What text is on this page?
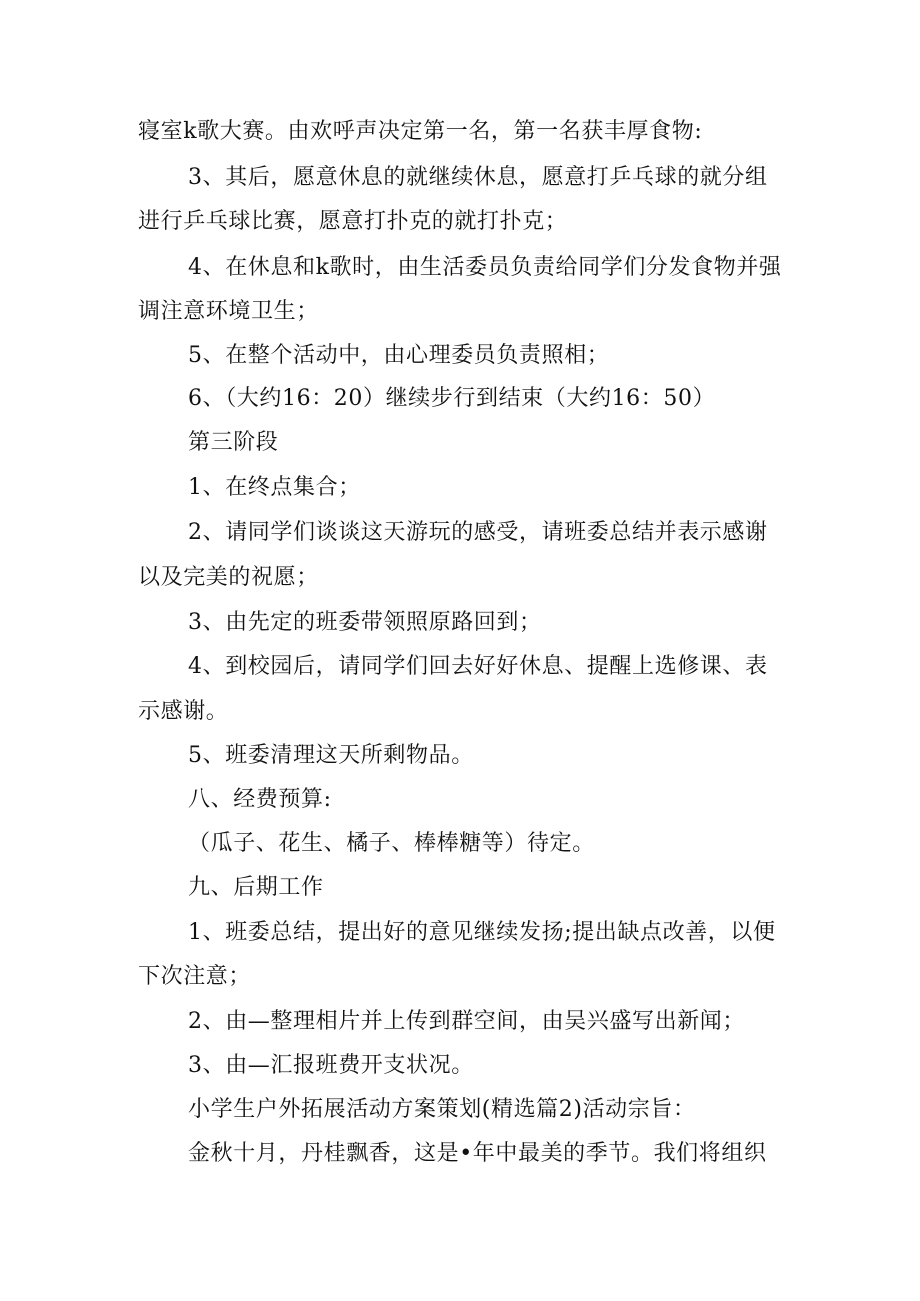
寝室k歌大赛。由欢呼声决定第一名，第一名获丰厚食物:
3、其后，愿意休息的就继续休息，愿意打乒乓球的就分组
进行乒乓球比赛，愿意打扑克的就打扑克；
4、在休息和k歌时，由生活委员负责给同学们分发食物并强
调注意环境卫生；
5、在整个活动中，由心理委员负责照相；
6、（大约16：20）继续步行到结束（大约16：50）
第三阶段
1、在终点集合；
2、请同学们谈谈这天游玩的感受，请班委总结并表示感谢
以及完美的祝愿；
3、由先定的班委带领照原路回到；
4、到校园后，请同学们回去好好休息、提醒上选修课、表
示感谢。
5、班委清理这天所剩物品。
八、经费预算:
（瓜子、花生、橘子、棒棒糖等）待定。
九、后期工作
1、班委总结，提出好的意见继续发扬;提出缺点改善，以便
下次注意；
2、由—整理相片并上传到群空间，由吴兴盛写出新闻；
3、由—汇报班费开支状况。
小学生户外拓展活动方案策划(精选篇2)活动宗旨：
金秋十月，丹桂飘香，这是•年中最美的季节。我们将组织
